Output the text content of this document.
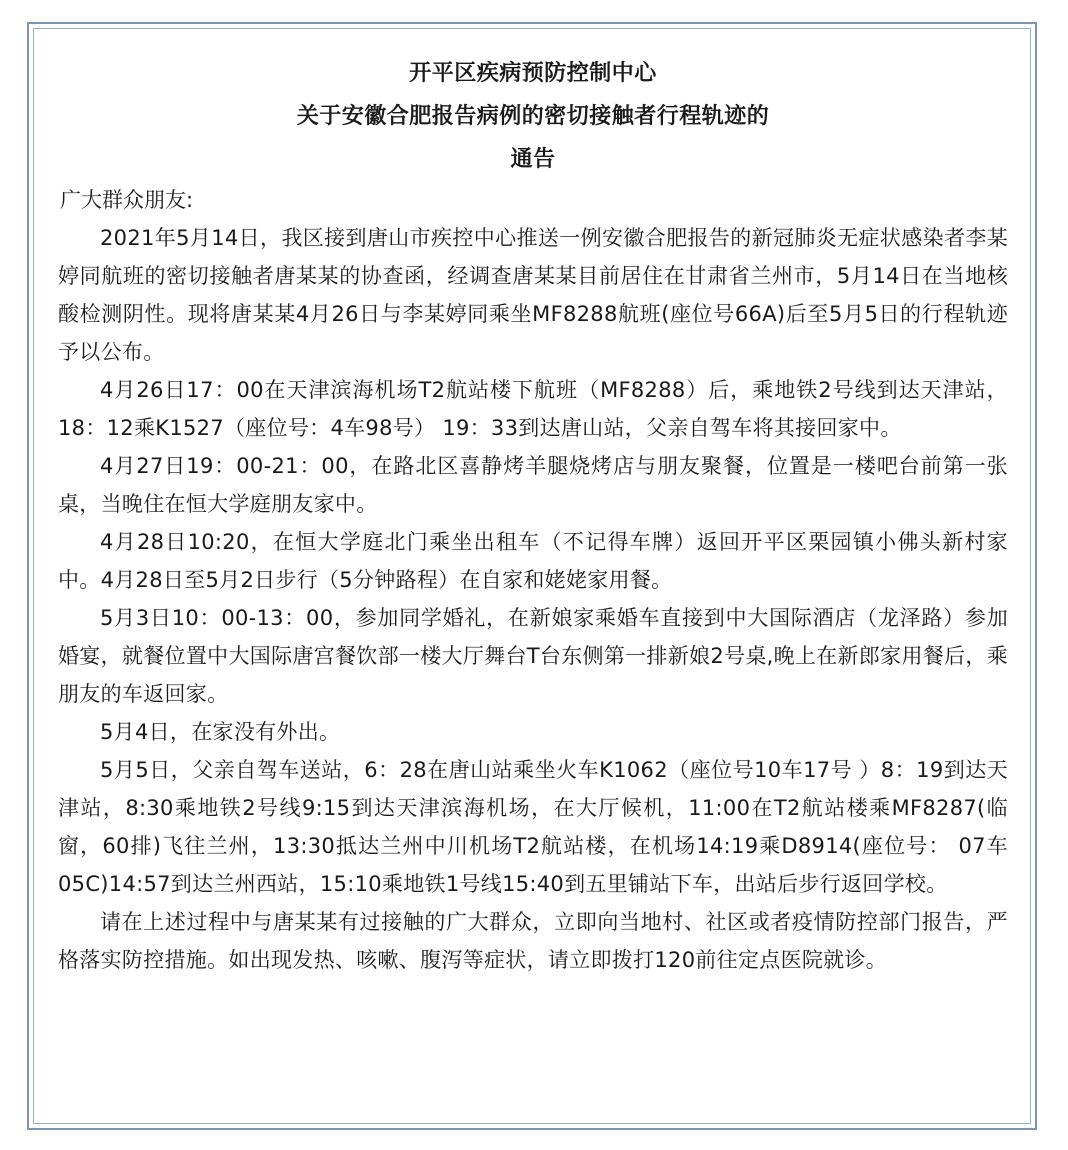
开平区疾病预防控制中心

关于安徽合肥报告病例的密切接触者行程轨迹的

通告

广大群众朋友:

2021年5月14日，我区接到唐山市疾控中心推送一例安徽合肥报告的新冠肺炎无症状感染者李某婷同航班的密切接触者唐某某的协查函，经调查唐某某目前居住在甘肃省兰州市，5月14日在当地核酸检测阴性。现将唐某某4月26日与李某婷同乘坐MF8288航班(座位号66A)后至5月5日的行程轨迹予以公布。

4月26日17：00在天津滨海机场T2航站楼下航班（MF8288）后，乘地铁2号线到达天津站，18：12乘K1527（座位号：4车98号） 19：33到达唐山站，父亲自驾车将其接回家中。

4月27日19：00-21：00，在路北区喜静烤羊腿烧烤店与朋友聚餐，位置是一楼吧台前第一张桌，当晚住在恒大学庭朋友家中。

4月28日10:20，在恒大学庭北门乘坐出租车（不记得车牌）返回开平区栗园镇小佛头新村家中。4月28日至5月2日步行（5分钟路程）在自家和姥姥家用餐。

5月3日10：00-13：00，参加同学婚礼，在新娘家乘婚车直接到中大国际酒店（龙泽路）参加婚宴，就餐位置中大国际唐宫餐饮部一楼大厅舞台T台东侧第一排新娘2号桌,晚上在新郎家用餐后，乘朋友的车返回家。

5月4日，在家没有外出。

5月5日，父亲自驾车送站，6：28在唐山站乘坐火车K1062（座位号10车17号 ）8：19到达天津站，8:30乘地铁2号线9:15到达天津滨海机场，在大厅候机，11:00在T2航站楼乘MF8287(临窗，60排)飞往兰州，13:30抵达兰州中川机场T2航站楼，在机场14:19乘D8914(座位号： 07车05C)14:57到达兰州西站，15:10乘地铁1号线15:40到五里铺站下车，出站后步行返回学校。

请在上述过程中与唐某某有过接触的广大群众，立即向当地村、社区或者疫情防控部门报告，严格落实防控措施。如出现发热、咳嗽、腹泻等症状，请立即拨打120前往定点医院就诊。
